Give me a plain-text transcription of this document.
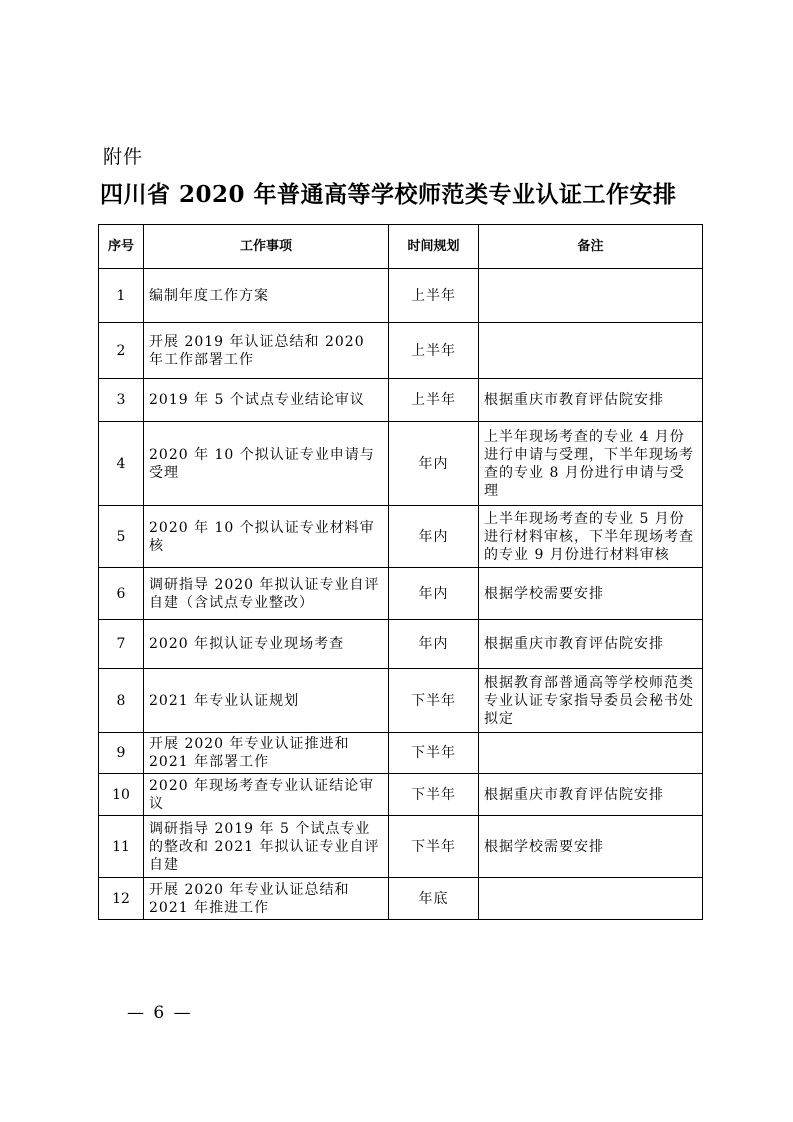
附件
四川省 2020 年普通高等学校师范类专业认证工作安排
序号	工作事项	时间规划	备注
1	编制年度工作方案	上半年	
2	开展 2019 年认证总结和 2020 年工作部署工作	上半年	
3	2019 年 5 个试点专业结论审议	上半年	根据重庆市教育评估院安排
4	2020 年 10 个拟认证专业申请与受理	年内	上半年现场考查的专业 4 月份进行申请与受理，下半年现场考查的专业 8 月份进行申请与受理
5	2020 年 10 个拟认证专业材料审核	年内	上半年现场考查的专业 5 月份进行材料审核，下半年现场考查的专业 9 月份进行材料审核
6	调研指导 2020 年拟认证专业自评自建（含试点专业整改）	年内	根据学校需要安排
7	2020 年拟认证专业现场考查	年内	根据重庆市教育评估院安排
8	2021 年专业认证规划	下半年	根据教育部普通高等学校师范类专业认证专家指导委员会秘书处拟定
9	开展 2020 年专业认证推进和 2021 年部署工作	下半年	
10	2020 年现场考查专业认证结论审议	下半年	根据重庆市教育评估院安排
11	调研指导 2019 年 5 个试点专业的整改和 2021 年拟认证专业自评自建	下半年	根据学校需要安排
12	开展 2020 年专业认证总结和 2021 年推进工作	年底	
— 6 —
